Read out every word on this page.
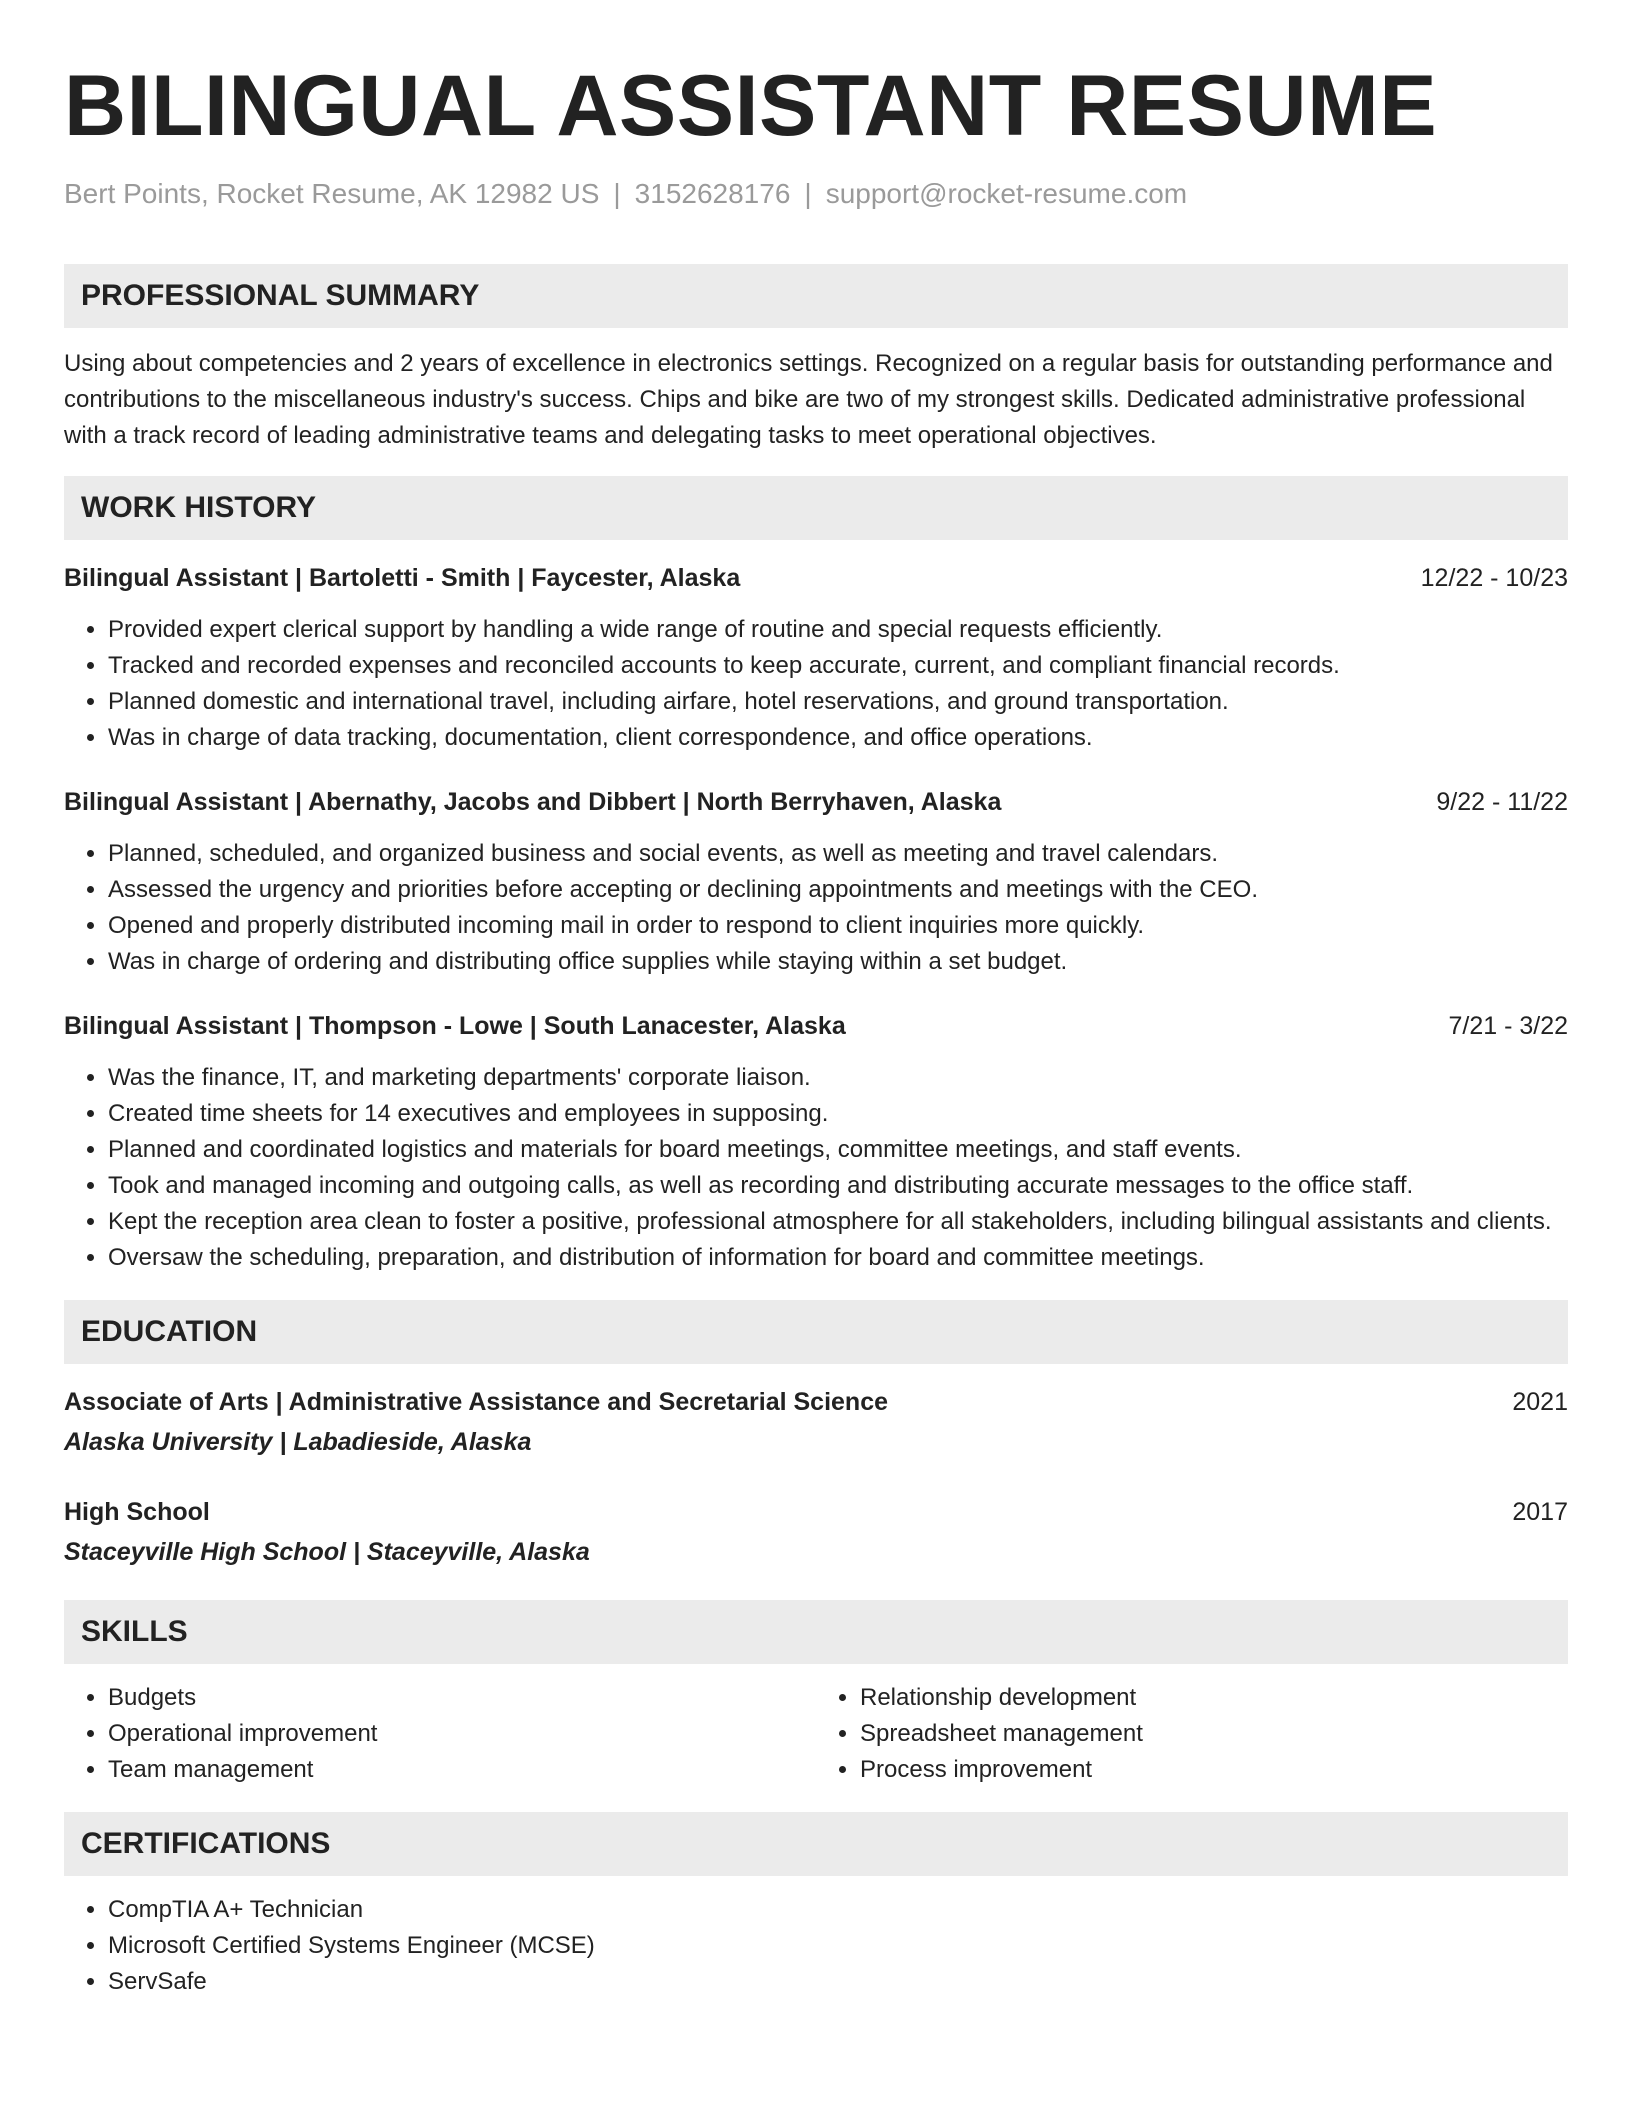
BILINGUAL ASSISTANT RESUME
Bert Points, Rocket Resume, AK 12982 US | 3152628176 | support@rocket-resume.com
PROFESSIONAL SUMMARY

Using about competencies and 2 years of excellence in electronics settings. Recognized on a regular basis for outstanding performance and contributions to the miscellaneous industry's success. Chips and bike are two of my strongest skills. Dedicated administrative professional with a track record of leading administrative teams and delegating tasks to meet operational objectives.

WORK HISTORY
Bilingual Assistant | Bartoletti - Smith | Faycester, Alaska	12/22 - 10/23
• Provided expert clerical support by handling a wide range of routine and special requests efficiently.
• Tracked and recorded expenses and reconciled accounts to keep accurate, current, and compliant financial records.
• Planned domestic and international travel, including airfare, hotel reservations, and ground transportation.
• Was in charge of data tracking, documentation, client correspondence, and office operations.
Bilingual Assistant | Abernathy, Jacobs and Dibbert | North Berryhaven, Alaska	9/22 - 11/22
• Planned, scheduled, and organized business and social events, as well as meeting and travel calendars.
• Assessed the urgency and priorities before accepting or declining appointments and meetings with the CEO.
• Opened and properly distributed incoming mail in order to respond to client inquiries more quickly.
• Was in charge of ordering and distributing office supplies while staying within a set budget.
Bilingual Assistant | Thompson - Lowe | South Lanacester, Alaska	7/21 - 3/22
• Was the finance, IT, and marketing departments' corporate liaison.
• Created time sheets for 14 executives and employees in supposing.
• Planned and coordinated logistics and materials for board meetings, committee meetings, and staff events.
• Took and managed incoming and outgoing calls, as well as recording and distributing accurate messages to the office staff.
• Kept the reception area clean to foster a positive, professional atmosphere for all stakeholders, including bilingual assistants and clients.
• Oversaw the scheduling, preparation, and distribution of information for board and committee meetings.
EDUCATION
Associate of Arts | Administrative Assistance and Secretarial Science	2021
Alaska University | Labadieside, Alaska
High School	2017
Staceyville High School | Staceyville, Alaska
SKILLS
• Budgets
• Operational improvement
• Team management
• Relationship development
• Spreadsheet management
• Process improvement
CERTIFICATIONS
• CompTIA A+ Technician
• Microsoft Certified Systems Engineer (MCSE)
• ServSafe
